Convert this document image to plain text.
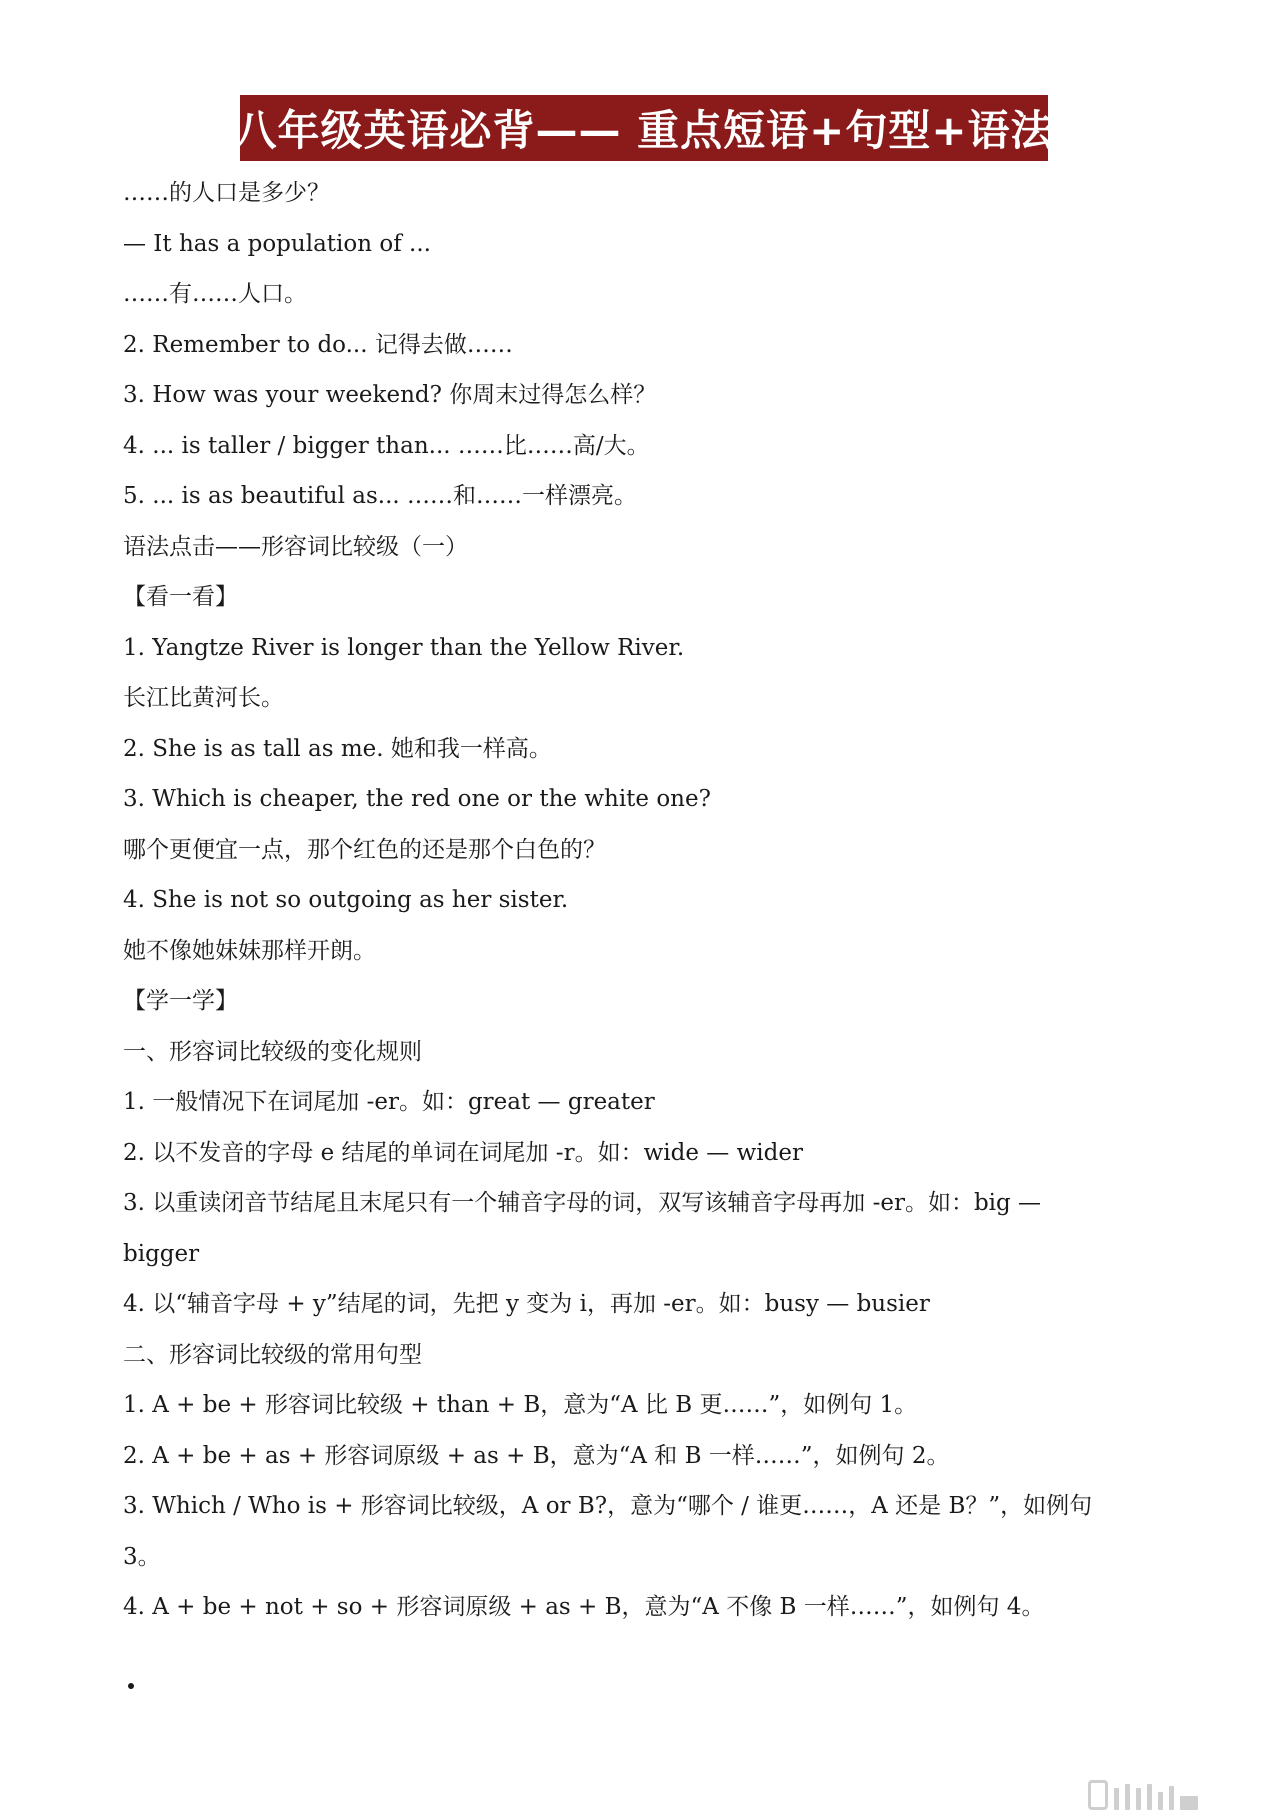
八年级英语必背—— 重点短语+句型+语法
……的人口是多少？
— It has a population of ...
……有……人口。
2. Remember to do... 记得去做……
3. How was your weekend? 你周末过得怎么样？
4. ... is taller / bigger than... ……比……高/大。
5. ... is as beautiful as... ……和……一样漂亮。
语法点击——形容词比较级（一）
【看一看】
1. Yangtze River is longer than the Yellow River.
长江比黄河长。
2. She is as tall as me. 她和我一样高。
3. Which is cheaper, the red one or the white one?
哪个更便宜一点，那个红色的还是那个白色的？
4. She is not so outgoing as her sister.
她不像她妹妹那样开朗。
【学一学】
一、形容词比较级的变化规则
1. 一般情况下在词尾加 -er。如：great — greater
2. 以不发音的字母 e 结尾的单词在词尾加 -r。如：wide — wider
3. 以重读闭音节结尾且末尾只有一个辅音字母的词，双写该辅音字母再加 -er。如：big —
bigger
4. 以“辅音字母 + y”结尾的词，先把 y 变为 i，再加 -er。如：busy — busier
二、形容词比较级的常用句型
1. A + be + 形容词比较级 + than + B，意为“A 比 B 更……”，如例句 1。
2. A + be + as + 形容词原级 + as + B，意为“A 和 B 一样……”，如例句 2。
3. Which / Who is + 形容词比较级，A or B?，意为“哪个 / 谁更……，A 还是 B？”，如例句
3。
4. A + be + not + so + 形容词原级 + as + B，意为“A 不像 B 一样……”，如例句 4。
